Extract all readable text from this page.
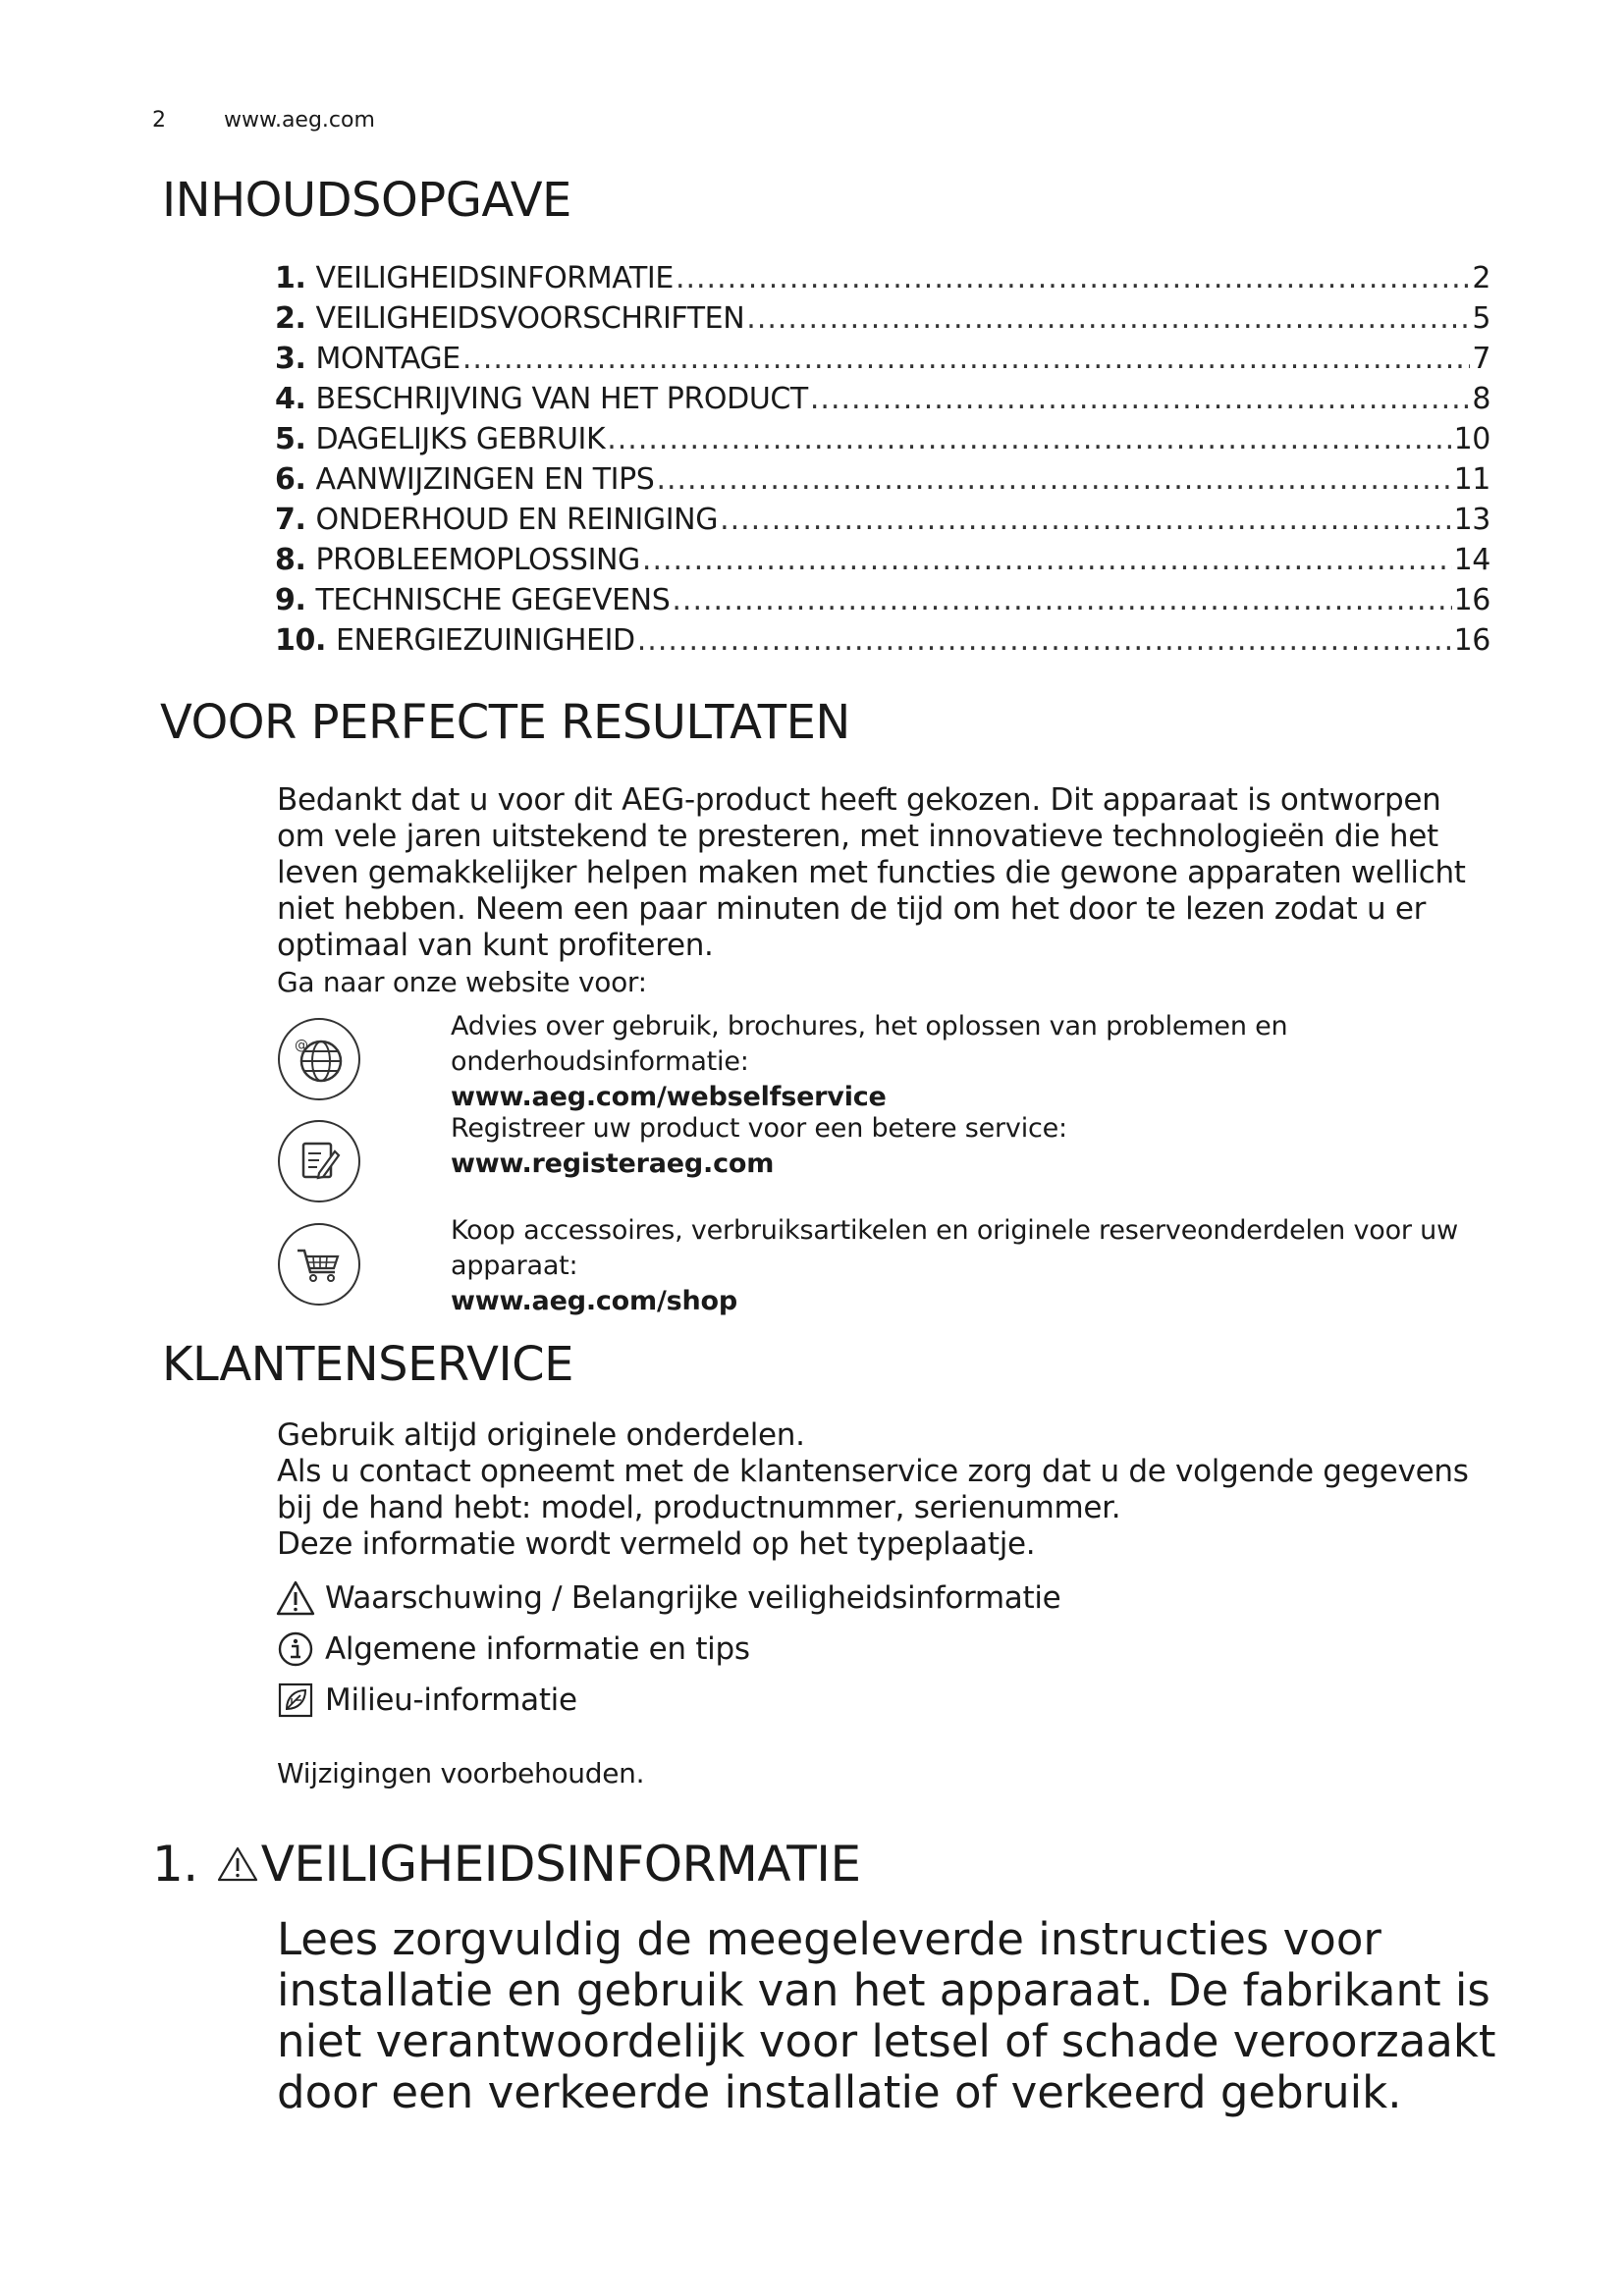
2	www.aeg.com
INHOUDSOPGAVE
1. VEILIGHEIDSINFORMATIE .....	2
2. VEILIGHEIDSVOORSCHRIFTEN .....	5
3. MONTAGE .....	7
4. BESCHRIJVING VAN HET PRODUCT .....	8
5. DAGELIJKS GEBRUIK .....	10
6. AANWIJZINGEN EN TIPS .....	11
7. ONDERHOUD EN REINIGING .....	13
8. PROBLEEMOPLOSSING .....	14
9. TECHNISCHE GEGEVENS .....	16
10. ENERGIEZUINIGHEID .....	16
VOOR PERFECTE RESULTATEN
Bedankt dat u voor dit AEG-product heeft gekozen. Dit apparaat is ontworpen
om vele jaren uitstekend te presteren, met innovatieve technologieën die het
leven gemakkelijker helpen maken met functies die gewone apparaten wellicht
niet hebben. Neem een paar minuten de tijd om het door te lezen zodat u er
optimaal van kunt profiteren.
Ga naar onze website voor:
@
Advies over gebruik, brochures, het oplossen van problemen en
onderhoudsinformatie:
www.aeg.com/webselfservice
Registreer uw product voor een betere service:
www.registeraeg.com
Koop accessoires, verbruiksartikelen en originele reserveonderdelen voor uw
apparaat:
www.aeg.com/shop
KLANTENSERVICE
Gebruik altijd originele onderdelen.
Als u contact opneemt met de klantenservice zorg dat u de volgende gegevens
bij de hand hebt: model, productnummer, serienummer.
Deze informatie wordt vermeld op het typeplaatje.
Waarschuwing / Belangrijke veiligheidsinformatie
Algemene informatie en tips
Milieu-informatie
Wijzigingen voorbehouden.
1. VEILIGHEIDSINFORMATIE
Lees zorgvuldig de meegeleverde instructies voor
installatie en gebruik van het apparaat. De fabrikant is
niet verantwoordelijk voor letsel of schade veroorzaakt
door een verkeerde installatie of verkeerd gebruik.
